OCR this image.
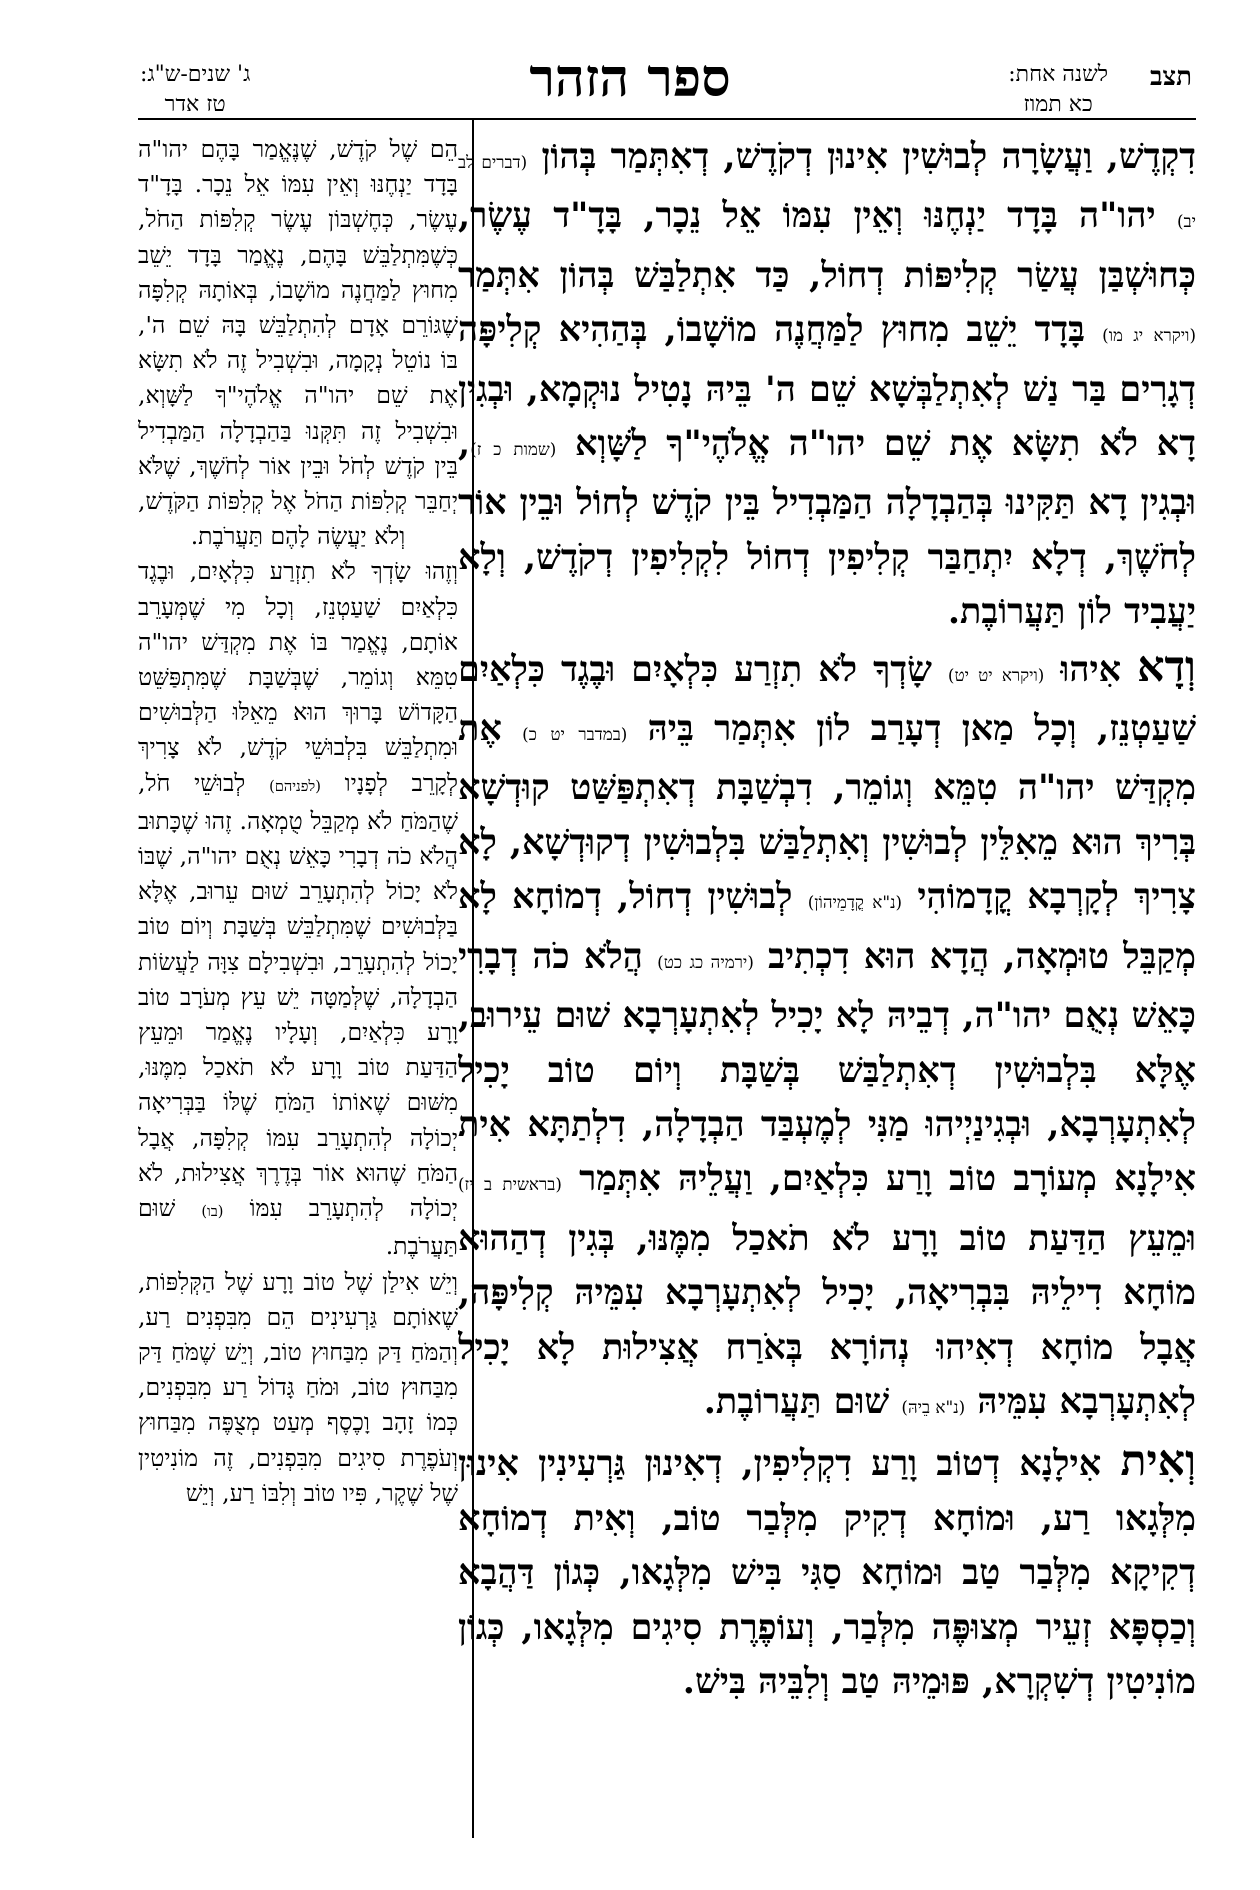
תצב
לשנה אחת:
כא תמוז
ספר הזהר
ג' שנים-ש"ג:
טז אדר

דִקְדֶשׁ, וַעֲשָׂרָה לְבוּשִׁין אִינוּן דְקֹדֶשׁ, דְאִתְּמַר בְּהוֹן (דברים לב יב) יהו"ה בָּדָד יַנְחֶנּוּ וְאֵין עִמּוֹ אֵל נֵכָר, בָּדָ"ד עֶשֶׂר, כְּחוּשְׁבַּן עֲשַׂר קְלִיפּוֹת דְחוֹל, כַּד אִתְלַבַּשׁ בְּהוֹן אִתְּמַר (ויקרא יג מו) בָּדָד יֵשֵׁב מִחוּץ לַמַּחֲנֶה מוֹשָׁבוֹ, בְּהַהִיא קְלִיפָּה דְגָרִים בַּר נַשׁ לְאִתְלַבְּשָׁא שֵׁם ה' בֵּיהּ נָטִיל נוּקְמָא, וּבְגִין דָא לֹא תִשָּׂא אֶת שֵׁם יהו"ה אֱלֹהֶי"ךָ לַשָּׁוְא (שמות כ ז), וּבְגִין דָא תַּקִּינוּ בְּהַבְדָלָה הַמַּבְדִיל בֵּין קֹדֶשׁ לְחוֹל וּבֵין אוֹר לְחֹשֶׁךְ, דְלָא יִתְחַבַּר קְלִיפִין דְחוֹל לִקְלִיפִין דְקֹדֶשׁ, וְלָא יַעֲבִיד לוֹן תַּעֲרוֹבֶת.

וְדָא אִיהוּ (ויקרא יט יט) שָׂדְךָ לֹא תִזְרַע כִּלְאָיִם וּבֶגֶד כִּלְאַיִם שַׁעַטְנֵז, וְכָל מַאן דְעָרַב לוֹן אִתְּמַר בֵּיהּ (במדבר יט כ) אֶת מִקְדַּשׁ יהו"ה טִמֵּא וְגוֹמֵר, דִבְשַׁבָּת דְאִתְפַּשַּׁט קוּדְשָׁא בְּרִיךְ הוּא מֵאִלֵּין לְבוּשִׁין וְאִתְלַבַּשׁ בִּלְבוּשִׁין דְקוּדְשָׁא, לָא צָרִיךְ לְקָרְבָא קֳדָמוֹהִי (נ"א קֳדָמֵיהוֹן) לְבוּשִׁין דְחוֹל, דְמוֹחָא לָא מְקַבֵּל טוּמְאָה, הֲדָא הוּא דִכְתִיב (ירמיה כג כט) הֲלֹא כֹה דְבָרִי כָּאֵשׁ נְאֻם יהו"ה, דְבֵיהּ לָא יָכִיל לְאִתְעָרְבָא שׁוּם עֵירוּב, אֶלָּא בִּלְבוּשִׁין דְאִתְלַבַּשׁ בְּשַׁבָּת וְיוֹם טוֹב יָכִיל לְאִתְעָרְבָא, וּבְגִינַיְיהוּ מַנִּי לְמֶעְבַּד הַבְדָלָה, דִלְתַתָּא אִית אִילָנָא מְעוֹרָב טוֹב וָרַע כִּלְאַיִם, וַעֲלֵיהּ אִתְּמַר (בראשית ב יז) וּמֵעֵץ הַדַּעַת טוֹב וָרָע לֹא תֹאכַל מִמֶּנּוּ, בְּגִין דְהַהוּא מוֹחָא דִילֵיהּ בִּבְרִיאָה, יָכִיל לְאִתְעָרְבָא עִמֵּיהּ קְלִיפָּה, אֲבָל מוֹחָא דְאִיהוּ נְהוֹרָא בְּאֹרַח אֲצִילוּת לָא יָכִיל לְאִתְעָרְבָא עִמֵּיהּ (נ"א בֵיהּ) שׁוּם תַּעֲרוֹבֶת.

וְאִית אִילָנָא דְטוֹב וָרַע דִקְלִיפִין, דְאִינוּן גַּרְעִינִין אִינוּן מִלְּגָאו רַע, וּמוֹחָא דְקִיק מִלְּבַר טוֹב, וְאִית דְמוֹחָא דְקִיקָא מִלְּבַר טַב וּמוֹחָא סַגִּי בִּישׁ מִלְּגָאו, כְּגוֹן דַּהֲבָא וְכַסְפָּא זְעֵיר מְצוּפֶּה מִלְּבַר, וְעוֹפֶרֶת סִיגִים מִלְּגָאו, כְּגוֹן מוֹנִיטִין דְשִׁקְרָא, פּוּמֵיהּ טַב וְלִבֵּיהּ בִּישׁ.

הֵם שֶׁל קֹדֶשׁ, שֶׁנֶּאֱמַר בָּהֶם יהו"ה בָּדָד יַנְחֶנּוּ וְאֵין עִמּוֹ אֵל נֵכָר. בָּדָ"ד עֶשֶׂר, כְּחֶשְׁבּוֹן עֶשֶׂר קְלִפּוֹת הַחֹל, כְּשֶׁמִּתְלַבֵּשׁ בָּהֶם, נֶאֱמַר בָּדָד יֵשֵׁב מִחוּץ לַמַּחֲנֶה מוֹשָׁבוֹ, בְּאוֹתָהּ קְלִפָּה שֶׁגּוֹרֵם אָדָם לְהִתְלַבֵּשׁ בָּהּ שֵׁם ה', בּוֹ נוֹטֵל נְקָמָה, וּבִשְׁבִיל זֶה לֹא תִשָּׂא אֶת שֵׁם יהו"ה אֱלֹהֶי"ךָ לַשָּׁוְא, וּבִשְׁבִיל זֶה תִּקְּנוּ בַּהַבְדָלָה הַמַּבְדִיל בֵּין קֹדֶשׁ לְחֹל וּבֵין אוֹר לְחֹשֶׁךְ, שֶׁלֹּא יְחַבֵּר קְלִפּוֹת הַחֹל אֶל קְלִפּוֹת הַקֹּדֶשׁ, וְלֹא יַעֲשֶׂה לָהֶם תַּעֲרֹבֶת.

וְזֶהוּ שָׂדְךָ לֹא תִזְרַע כִּלְאָיִם, וּבֶגֶד כִּלְאַיִם שַׁעַטְנֵז, וְכָל מִי שֶׁמְּעָרֵב אוֹתָם, נֶאֱמַר בּוֹ אֶת מִקְדַּשׁ יהו"ה טִמֵּא וְגוֹמֵר, שֶׁבְּשַׁבָּת שֶׁמִּתְפַּשֵּׁט הַקָּדוֹשׁ בָּרוּךְ הוּא מֵאֵלּוּ הַלְּבוּשִׁים וּמִתְלַבֵּשׁ בִּלְבוּשֵׁי קֹדֶשׁ, לֹא צָרִיךְ לְקָרֵב לְפָנָיו (לפניהם) לְבוּשֵׁי חֹל, שֶׁהַמֹּחַ לֹא מְקַבֵּל טֻמְאָה. זֶהוּ שֶׁכָּתוּב הֲלֹא כֹה דְבָרִי כָּאֵשׁ נְאֻם יהו"ה, שֶׁבּוֹ לֹא יָכוֹל לְהִתְעָרֵב שׁוּם עֵרוּב, אֶלָּא בַּלְּבוּשִׁים שֶׁמִּתְלַבֵּשׁ בְּשַׁבָּת וְיוֹם טוֹב יָכוֹל לְהִתְעָרֵב, וּבִשְׁבִילָם צִוָּה לַעֲשׂוֹת הַבְדָלָה, שֶׁלְּמַטָּה יֵשׁ עֵץ מְעֹרָב טוֹב וָרָע כִּלְאַיִם, וְעָלָיו נֶאֱמַר וּמֵעֵץ הַדַּעַת טוֹב וָרָע לֹא תֹאכַל מִמֶּנּוּ, מִשּׁוּם שֶׁאוֹתוֹ הַמֹּחַ שֶׁלּוֹ בַּבְּרִיאָה יְכוֹלָה לְהִתְעָרֵב עִמּוֹ קְלִפָּה, אֲבָל הַמֹּחַ שֶׁהוּא אוֹר בְּדֶרֶךְ אֲצִילוּת, לֹא יְכוֹלָה לְהִתְעָרֵב עִמּוֹ (בו) שׁוּם תַּעֲרֹבֶת.

וְיֵשׁ אִילַן שֶׁל טוֹב וָרָע שֶׁל הַקְּלִפּוֹת, שֶׁאוֹתָם גַּרְעִינִים הֵם מִבִּפְנִים רַע, וְהַמֹּחַ דַּק מִבַּחוּץ טוֹב, וְיֵשׁ שֶׁמֹּחַ דַּק מִבַּחוּץ טוֹב, וּמֹחַ גָּדוֹל רַע מִבִּפְנִים, כְּמוֹ זָהָב וָכֶסֶף מְעַט מְצֻפֶּה מִבַּחוּץ וְעֹפֶרֶת סִיגִים מִבִּפְנִים, זֶה מוֹנִיטִין שֶׁל שֶׁקֶר, פִּיו טוֹב וְלִבּוֹ רַע, וְיֵשׁ
